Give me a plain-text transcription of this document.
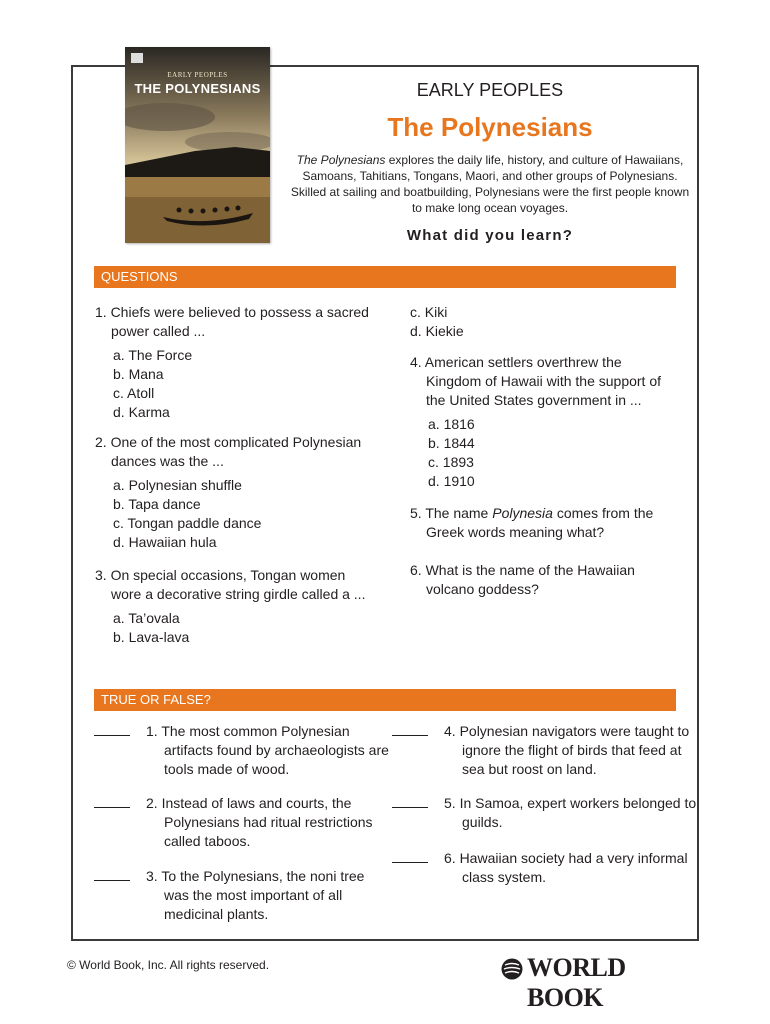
EARLY PEOPLES
THE POLYNESIANS	EARLY PEOPLES
The Polynesians
The Polynesians explores the daily life, history, and culture of Hawaiians, Samoans, Tahitians, Tongans, Maori, and other groups of Polynesians. Skilled at sailing and boatbuilding, Polynesians were the first people known to make long ocean voyages.
What did you learn?
QUESTIONS
1. Chiefs were believed to possess a sacred power called ...
a. The Force
b. Mana
c. Atoll
d. Karma
2. One of the most complicated Polynesian dances was the ...
a. Polynesian shuffle
b. Tapa dance
c. Tongan paddle dance
d. Hawaiian hula
3. On special occasions, Tongan women wore a decorative string girdle called a ...
a. Ta’ovala
b. Lava-lava
c. Kiki
d. Kiekie
4. American settlers overthrew the Kingdom of Hawaii with the support of the United States government in ...
a. 1816
b. 1844
c. 1893
d. 1910
5. The name Polynesia comes from the Greek words meaning what?
6. What is the name of the Hawaiian volcano goddess?
TRUE OR FALSE?
1. The most common Polynesian artifacts found by archaeologists are tools made of wood.
2. Instead of laws and courts, the Polynesians had ritual restrictions called taboos.
3. To the Polynesians, the noni tree was the most important of all medicinal plants.
4. Polynesian navigators were taught to ignore the flight of birds that feed at sea but roost on land.
5. In Samoa, expert workers belonged to guilds.
6. Hawaiian society had a very informal class system.
© World Book, Inc. All rights reserved.	WORLD BOOK
